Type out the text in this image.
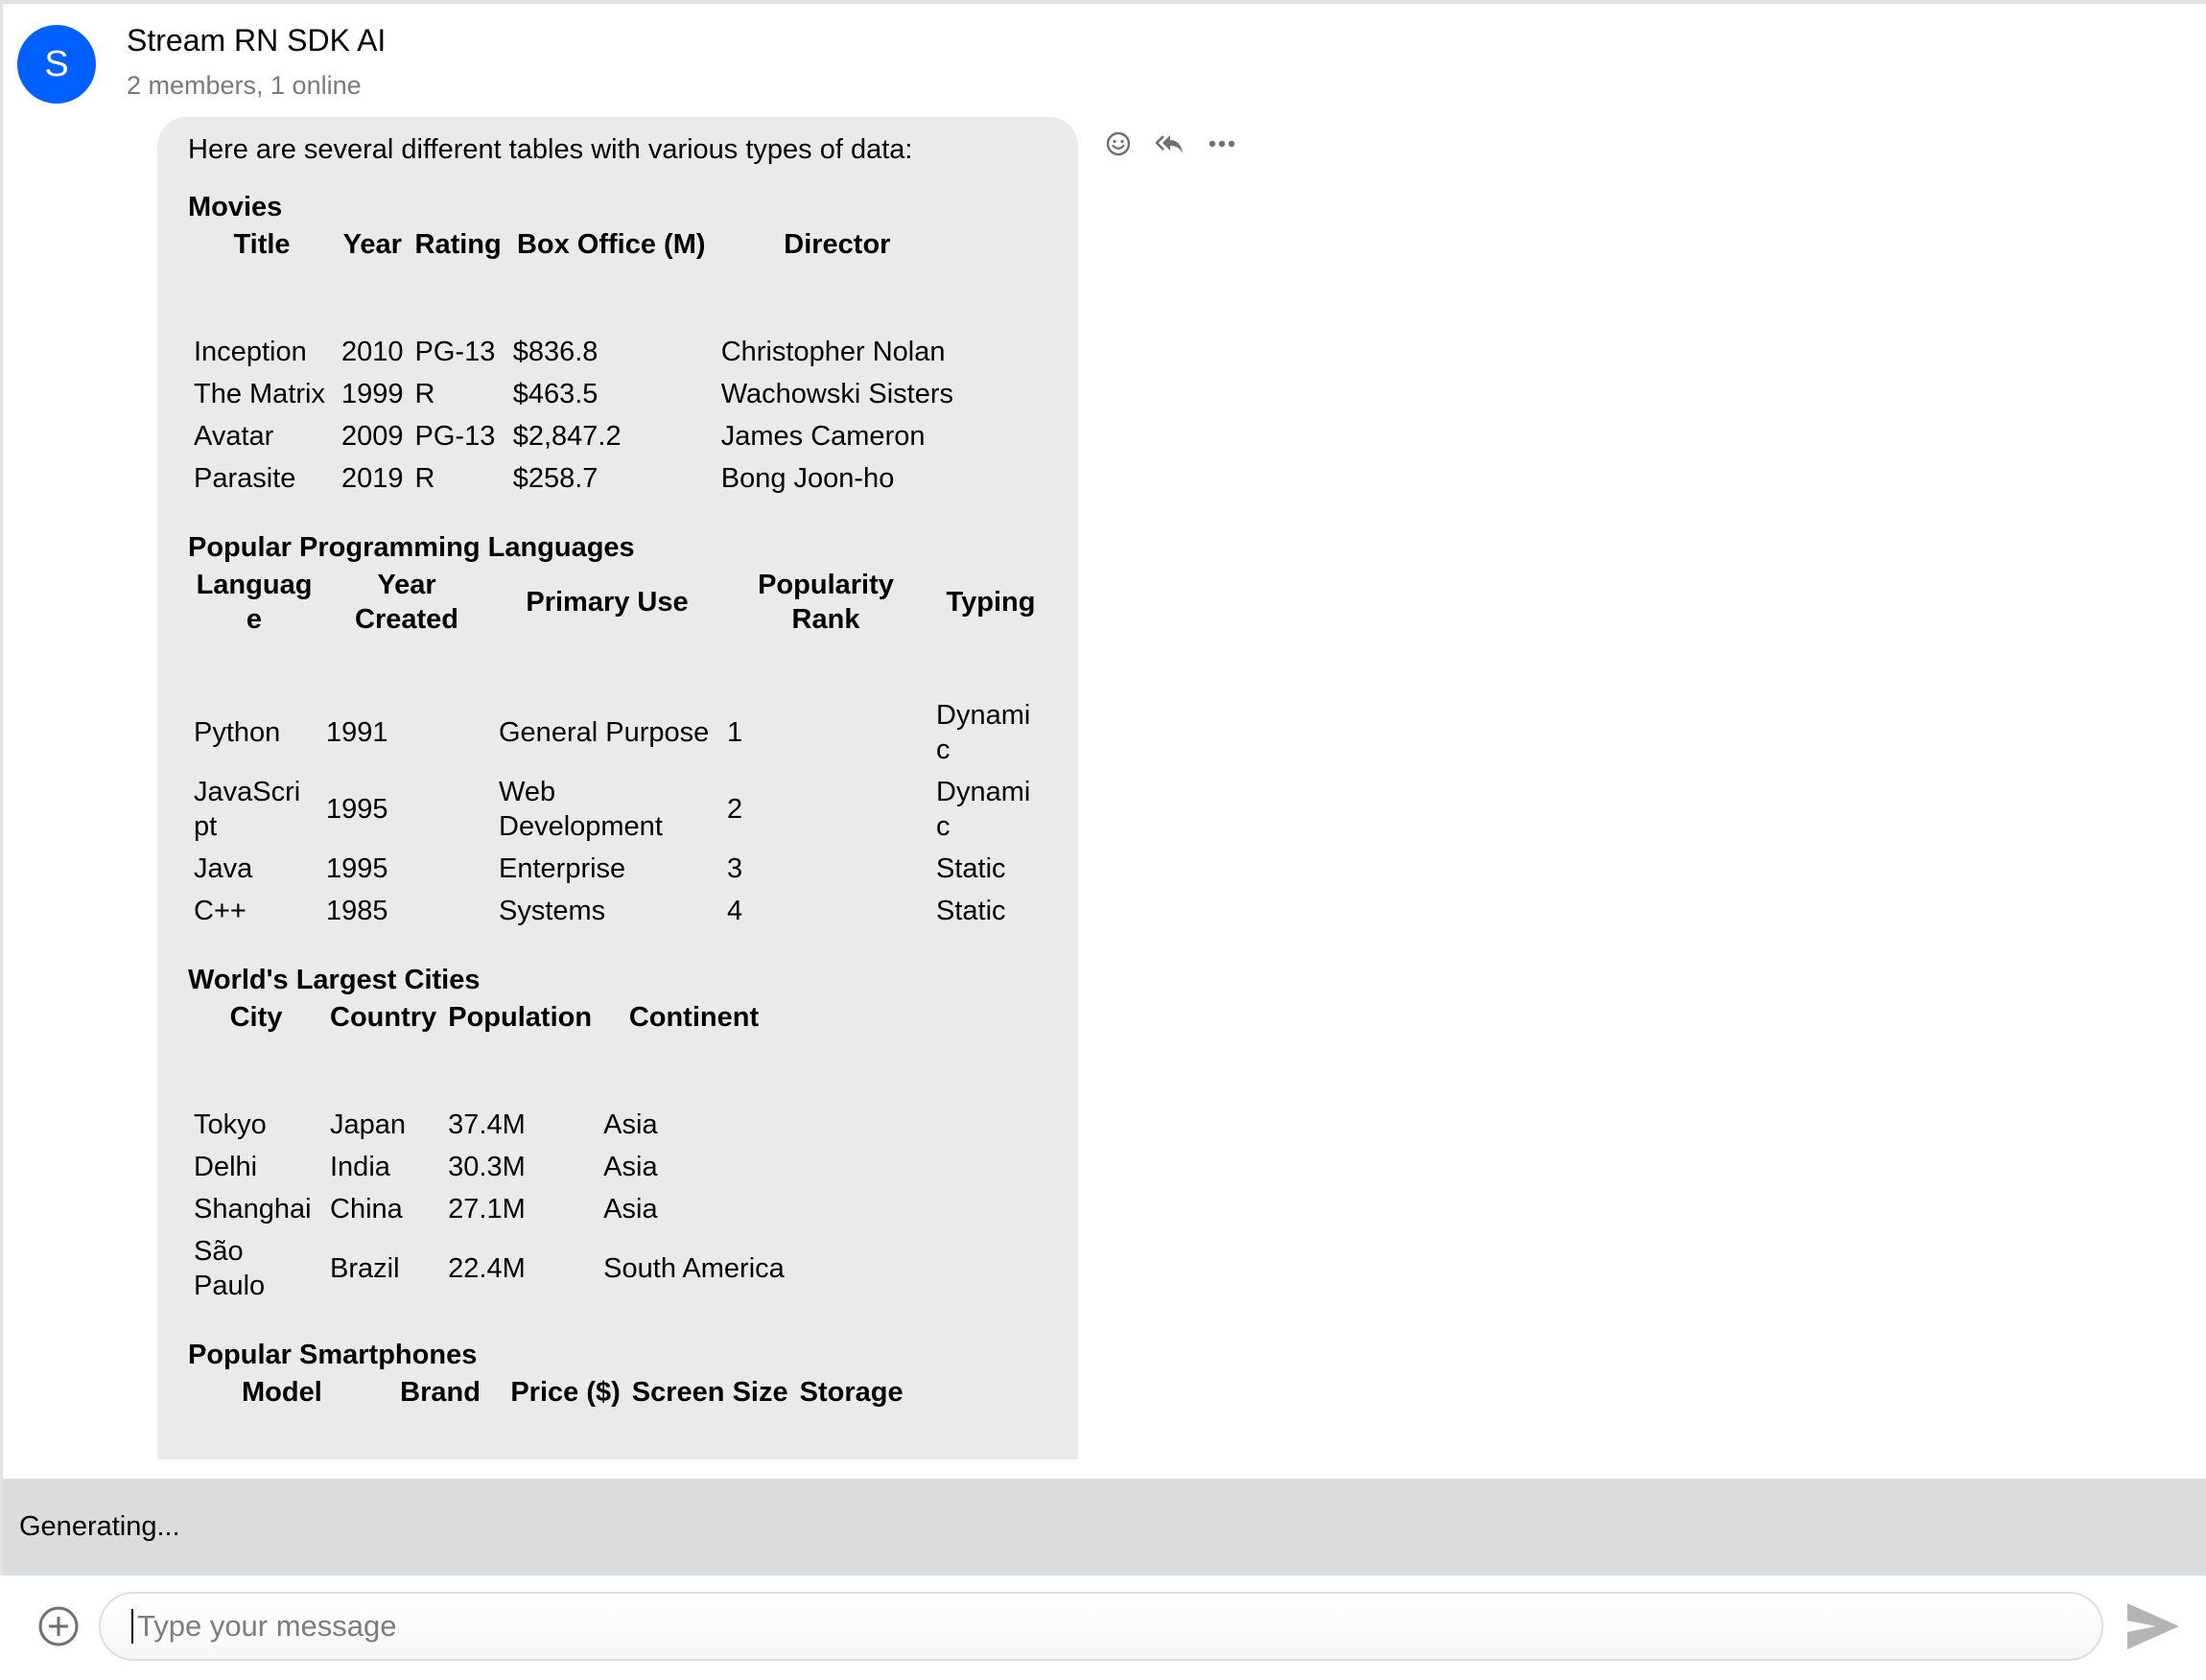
S
Stream RN SDK AI
2 members, 1 online

Here are several different tables with various types of data:

Movies

Title	Year	Rating	Box Office (M)	Director
Inception	2010	PG-13	$836.8	Christopher Nolan
The Matrix	1999	R	$463.5	Wachowski Sisters
Avatar	2009	PG-13	$2,847.2	James Cameron
Parasite	2019	R	$258.7	Bong Joon-ho

Popular Programming Languages

Languag e	Year Created	Primary Use	Popularity Rank	Typing
Python	1991	General Purpose	1	Dynami c
JavaScri pt	1995	Web Development	2	Dynami c
Java	1995	Enterprise	3	Static
C++	1985	Systems	4	Static

World's Largest Cities

City	Country	Population	Continent
Tokyo	Japan	37.4M	Asia
Delhi	India	30.3M	Asia
Shanghai	China	27.1M	Asia
São Paulo	Brazil	22.4M	South America

Popular Smartphones

Model	Brand	Price ($)	Screen Size	Storage

Generating...
Type your message
